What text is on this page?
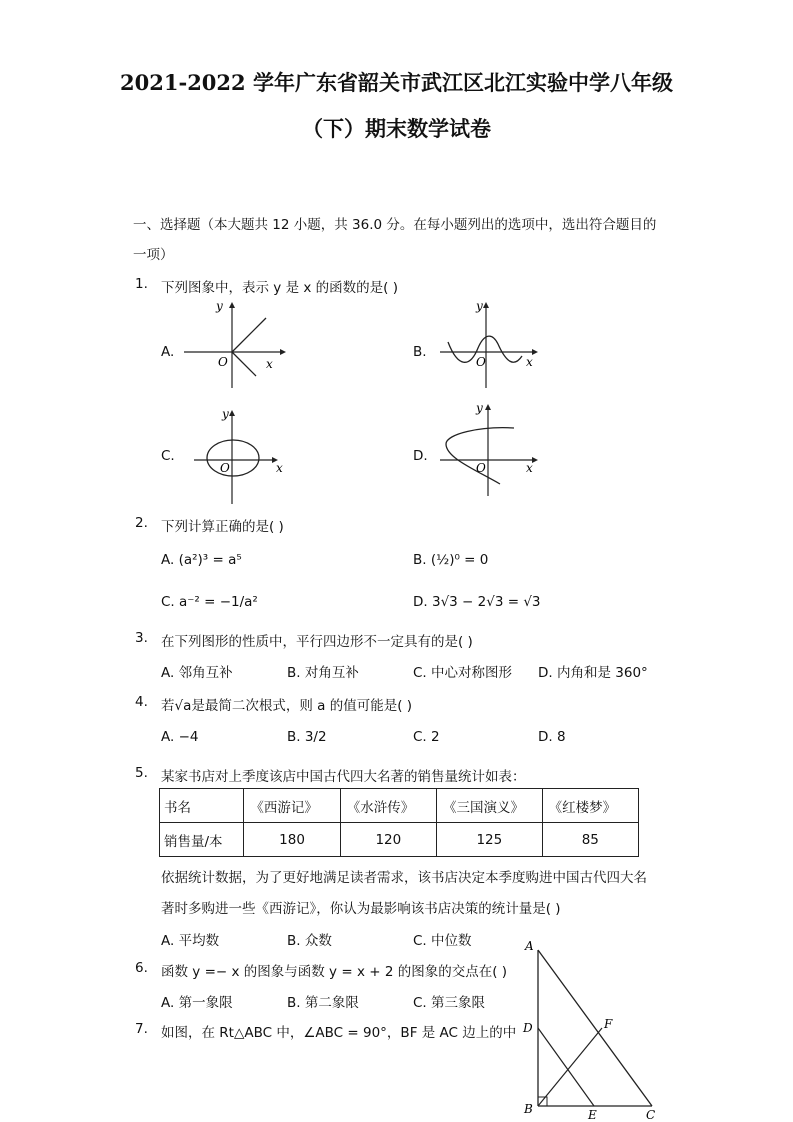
2021-2022 学年广东省韶关市武江区北江实验中学八年级
（下）期末数学试卷
一、选择题（本大题共 12 小题，共 36.0 分。在每小题列出的选项中，选出符合题目的
一项）
1. 下列图象中，表示 y 是 x 的函数的是( )
A.
y
O	x
B.
y
O	x
C.
y
O	x
D.
y
O	x
2. 下列计算正确的是( )
A. (a²)³ = a⁵	B. (½)⁰ = 0
C. a⁻² = −1/a²	D. 3√3 − 2√3 = √3
3. 在下列图形的性质中，平行四边形不一定具有的是( )
A. 邻角互补	B. 对角互补	C. 中心对称图形 D. 内角和是 360°
4. 若√a是最简二次根式，则 a 的值可能是( )
A. −4	B. 3/2	C. 2	D. 8
5. 某家书店对上季度该店中国古代四大名著的销售量统计如表：
书名	《西游记》	《水浒传》	《三国演义》	《红楼梦》
销售量/本	180	120	125	85
依据统计数据，为了更好地满足读者需求，该书店决定本季度购进中国古代四大名
著时多购进一些《西游记》，你认为最影响该书店决策的统计量是( )
A. 平均数	B. 众数	C. 中位数
6. 函数 y =− x 的图象与函数 y = x + 2 的图象的交点在( )
A. 第一象限	B. 第二象限	C. 第三象限
7. 如图，在 Rt△ABC 中，∠ABC = 90°，BF 是 AC 边上的中
A
D	F
B	E	C
